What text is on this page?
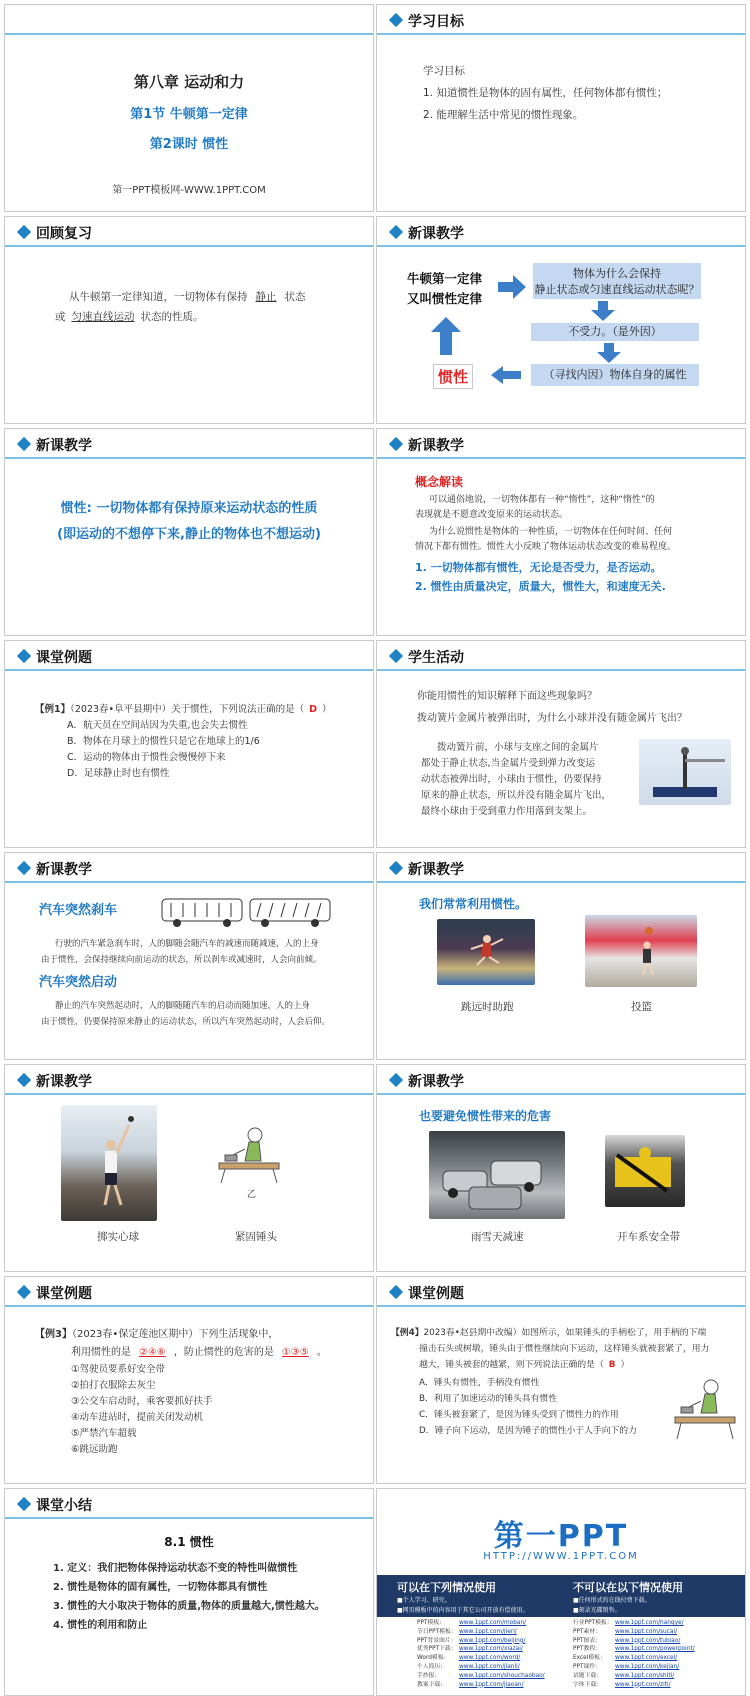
第八章 运动和力
第1节 牛顿第一定律
第2课时 惯性
第一PPT模板网-WWW.1PPT.COM
学习目标
学习目标
1. 知道惯性是物体的固有属性，任何物体都有惯性；
2. 能理解生活中常见的惯性现象。
回顾复习
从牛顿第一定律知道，一切物体有保持 静止 状态
或 匀速直线运动 状态的性质。
新课教学
牛顿第一定律
又叫惯性定律
物体为什么会保持
静止状态或匀速直线运动状态呢？
不受力。（是外因）
（寻找内因）物体自身的属性
惯性
新课教学
惯性: 一切物体都有保持原来运动状态的性质
(即运动的不想停下来,静止的物体也不想运动)
新课教学
概念解读
可以通俗地说，一切物体都有一种“惰性”，这种“惰性”的
表现就是不愿意改变原来的运动状态。
为什么说惯性是物体的一种性质，一切物体在任何时间、任何
情况下都有惯性。惯性大小反映了物体运动状态改变的难易程度。
1. 一切物体都有惯性，无论是否受力，是否运动。
2. 惯性由质量决定，质量大，惯性大，和速度无关.
课堂例题
【例1】（2023春•阜平县期中）关于惯性，下列说法正确的是（ D ）
A．航天员在空间站因为失重,也会失去惯性
B．物体在月球上的惯性只是它在地球上的1/6
C．运动的物体由于惯性会慢慢停下来
D．足球静止时也有惯性
学生活动
你能用惯性的知识解释下面这些现象吗？
拨动簧片金属片被弹出时，为什么小球并没有随金属片飞出？
拨动簧片前，小球与支座之间的金属片
都处于静止状态,当金属片受到弹力改变运
动状态被弹出时，小球由于惯性，仍要保持
原来的静止状态，所以并没有随金属片飞出，
最终小球由于受到重力作用落到支架上。
新课教学
汽车突然刹车
行驶的汽车紧急刹车时，人的脚随会随汽车的减速而随减速，人的上身
由于惯性，会保持继续向前运动的状态，所以刹车或减速时，人会向前倾。
汽车突然启动
静止的汽车突然起动时，人的脚随随汽车的启动而随加速，人的上身
由于惯性，仍要保持原来静止的运动状态，所以汽车突然起动时，人会后仰。
新课教学
我们常常利用惯性。
跳远时助跑	投篮
新课教学
乙
掷实心球	紧固锤头
新课教学
也要避免惯性带来的危害
雨雪天减速	开车系安全带
课堂例题
【例3】（2023春•保定莲池区期中）下列生活现象中，
利用惯性的是 ②④⑥ ，防止惯性的危害的是 ①③⑤ 。
①驾驶员要系好安全带
②拍打衣服除去灰尘
③公交车启动时，乘客要抓好扶手
④动车进站时，提前关闭发动机
⑤严禁汽车超载
⑥跳远助跑
课堂例题
【例4】2023春•赵县期中改编）如图所示，如果锤头的手柄松了，用手柄的下端
撞击石头或树墩，锤头由于惯性继续向下运动，这样锤头就被套紧了，用力
越大，锤头被套的越紧，则下列说法正确的是（ B ）
A．锤头有惯性，手柄没有惯性
B．利用了加速运动的锤头具有惯性
C．锤头被套紧了，是因为锤头受到了惯性力的作用
D．锤子向下运动，是因为锤子的惯性小于人手向下的力
课堂小结
8.1 惯性
1. 定义：我们把物体保持运动状态不变的特性叫做惯性
2. 惯性是物体的固有属性，一切物体都具有惯性
3. 惯性的大小取决于物体的质量,物体的质量越大,惯性越大。
4. 惯性的利用和防止
第一PPT
HTTP://WWW.1PPT.COM
可以在下列情况使用
■个人学习、研究。
■网页模板中的内容用于其它公司开放有偿使用。
不可以在以下情况使用
■任何形式的在线付费下载。
■刻录光碟销售。
PPT模板： www.1ppt.com/moban/
节日PPT模板： www.1ppt.com/jieri/
PPT背景图片： www.1ppt.com/beijing/
优秀PPT下载： www.1ppt.com/xiazai/
Word模板： www.1ppt.com/word/
个人简历： www.1ppt.com/jianli/
手抄报：	www.1ppt.com/shouchaobao/
教案下载： www.1ppt.com/jiaoan/
行业PPT模板： www.1ppt.com/hangye/
PPT素材： www.1ppt.com/sucai/
PPT图表： www.1ppt.com/tubiao/
PPT教程： www.1ppt.com/powerpoint/
Excel模板： www.1ppt.com/excel/
PPT课件： www.1ppt.com/kejian/
试题下载： www.1ppt.com/shiti/
字体下载： www.1ppt.com/ziti/
